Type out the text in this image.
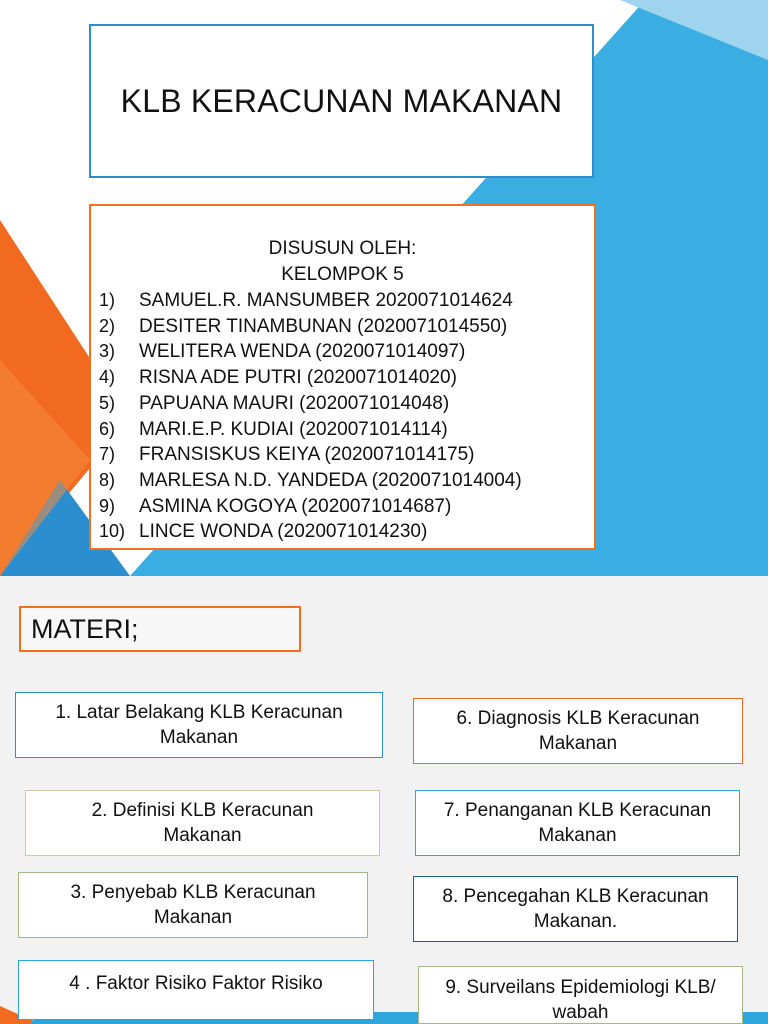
KLB KERACUNAN MAKANAN
DISUSUN OLEH:
KELOMPOK 5
1)	SAMUEL.R. MANSUMBER 2020071014624
2)	DESITER TINAMBUNAN (2020071014550)
3)	WELITERA WENDA (2020071014097)
4)	RISNA ADE PUTRI (2020071014020)
5)	PAPUANA MAURI (2020071014048)
6)	MARI.E.P. KUDIAI (2020071014114)
7)	FRANSISKUS KEIYA (2020071014175)
8)	MARLESA N.D. YANDEDA (2020071014004)
9)	ASMINA KOGOYA (2020071014687)
10) LINCE WONDA (2020071014230)
MATERI;
1. Latar Belakang KLB Keracunan
Makanan
2. Definisi KLB Keracunan
Makanan
3. Penyebab KLB Keracunan
Makanan
4 . Faktor Risiko Faktor Risiko
6. Diagnosis KLB Keracunan
Makanan
7. Penanganan KLB Keracunan
Makanan
8. Pencegahan KLB Keracunan
Makanan.
9. Surveilans Epidemiologi KLB/
wabah
